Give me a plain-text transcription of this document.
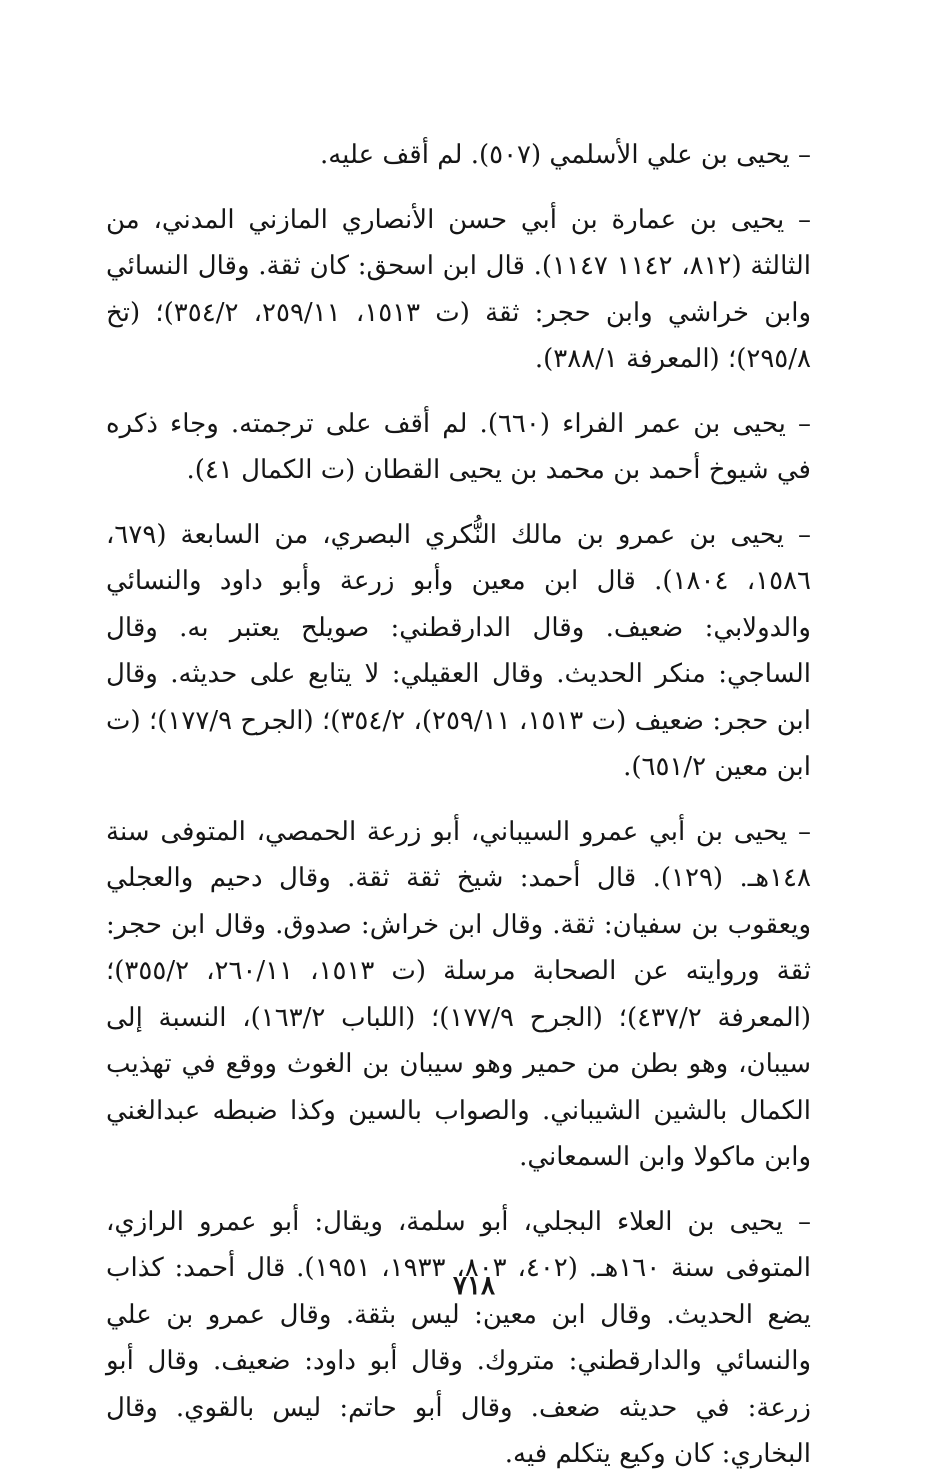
– يحيى بن علي الأسلمي (٥٠٧). لم أقف عليه.

– يحيى بن عمارة بن أبي حسن الأنصاري المازني المدني، من الثالثة (٨١٢، ١١٤٢ ١١٤٧). قال ابن اسحق: كان ثقة. وقال النسائي وابن خراشي وابن حجر: ثقة (ت ١٥١٣، ٢٥٩/١١، ٣٥٤/٢)؛ (تخ ٢٩٥/٨)؛ (المعرفة ٣٨٨/١).

– يحيى بن عمر الفراء (٦٦٠). لم أقف على ترجمته. وجاء ذكره في شيوخ أحمد بن محمد بن يحيى القطان (ت الكمال ٤١).

– يحيى بن عمرو بن مالك النُّكري البصري، من السابعة (٦٧٩، ١٥٨٦، ١٨٠٤). قال ابن معين وأبو زرعة وأبو داود والنسائي والدولابي: ضعيف. وقال الدارقطني: صويلح يعتبر به. وقال الساجي: منكر الحديث. وقال العقيلي: لا يتابع على حديثه. وقال ابن حجر: ضعيف (ت ١٥١٣، ٢٥٩/١١)، ٣٥٤/٢)؛ (الجرح ١٧٧/٩)؛ (ت ابن معين ٦٥١/٢).

– يحيى بن أبي عمرو السيباني، أبو زرعة الحمصي، المتوفى سنة ١٤٨هـ. (١٢٩). قال أحمد: شيخ ثقة ثقة. وقال دحيم والعجلي ويعقوب بن سفيان: ثقة. وقال ابن خراش: صدوق. وقال ابن حجر: ثقة وروايته عن الصحابة مرسلة (ت ١٥١٣، ٢٦٠/١١، ٣٥٥/٢)؛ (المعرفة ٤٣٧/٢)؛ (الجرح ١٧٧/٩)؛ (اللباب ١٦٣/٢)، النسبة إلى سيبان، وهو بطن من حمير وهو سيبان بن الغوث ووقع في تهذيب الكمال بالشين الشيباني. والصواب بالسين وكذا ضبطه عبدالغني وابن ماكولا وابن السمعاني.

– يحيى بن العلاء البجلي، أبو سلمة، ويقال: أبو عمرو الرازي، المتوفى سنة ١٦٠هـ. (٤٠٢، ٨٠٣، ١٩٣٣، ١٩٥١). قال أحمد: كذاب يضع الحديث. وقال ابن معين: ليس بثقة. وقال عمرو بن علي والنسائي والدارقطني: متروك. وقال أبو داود: ضعيف. وقال أبو زرعة: في حديثه ضعف. وقال أبو حاتم: ليس بالقوي. وقال البخاري: كان وكيع يتكلم فيه.

٧١٨
